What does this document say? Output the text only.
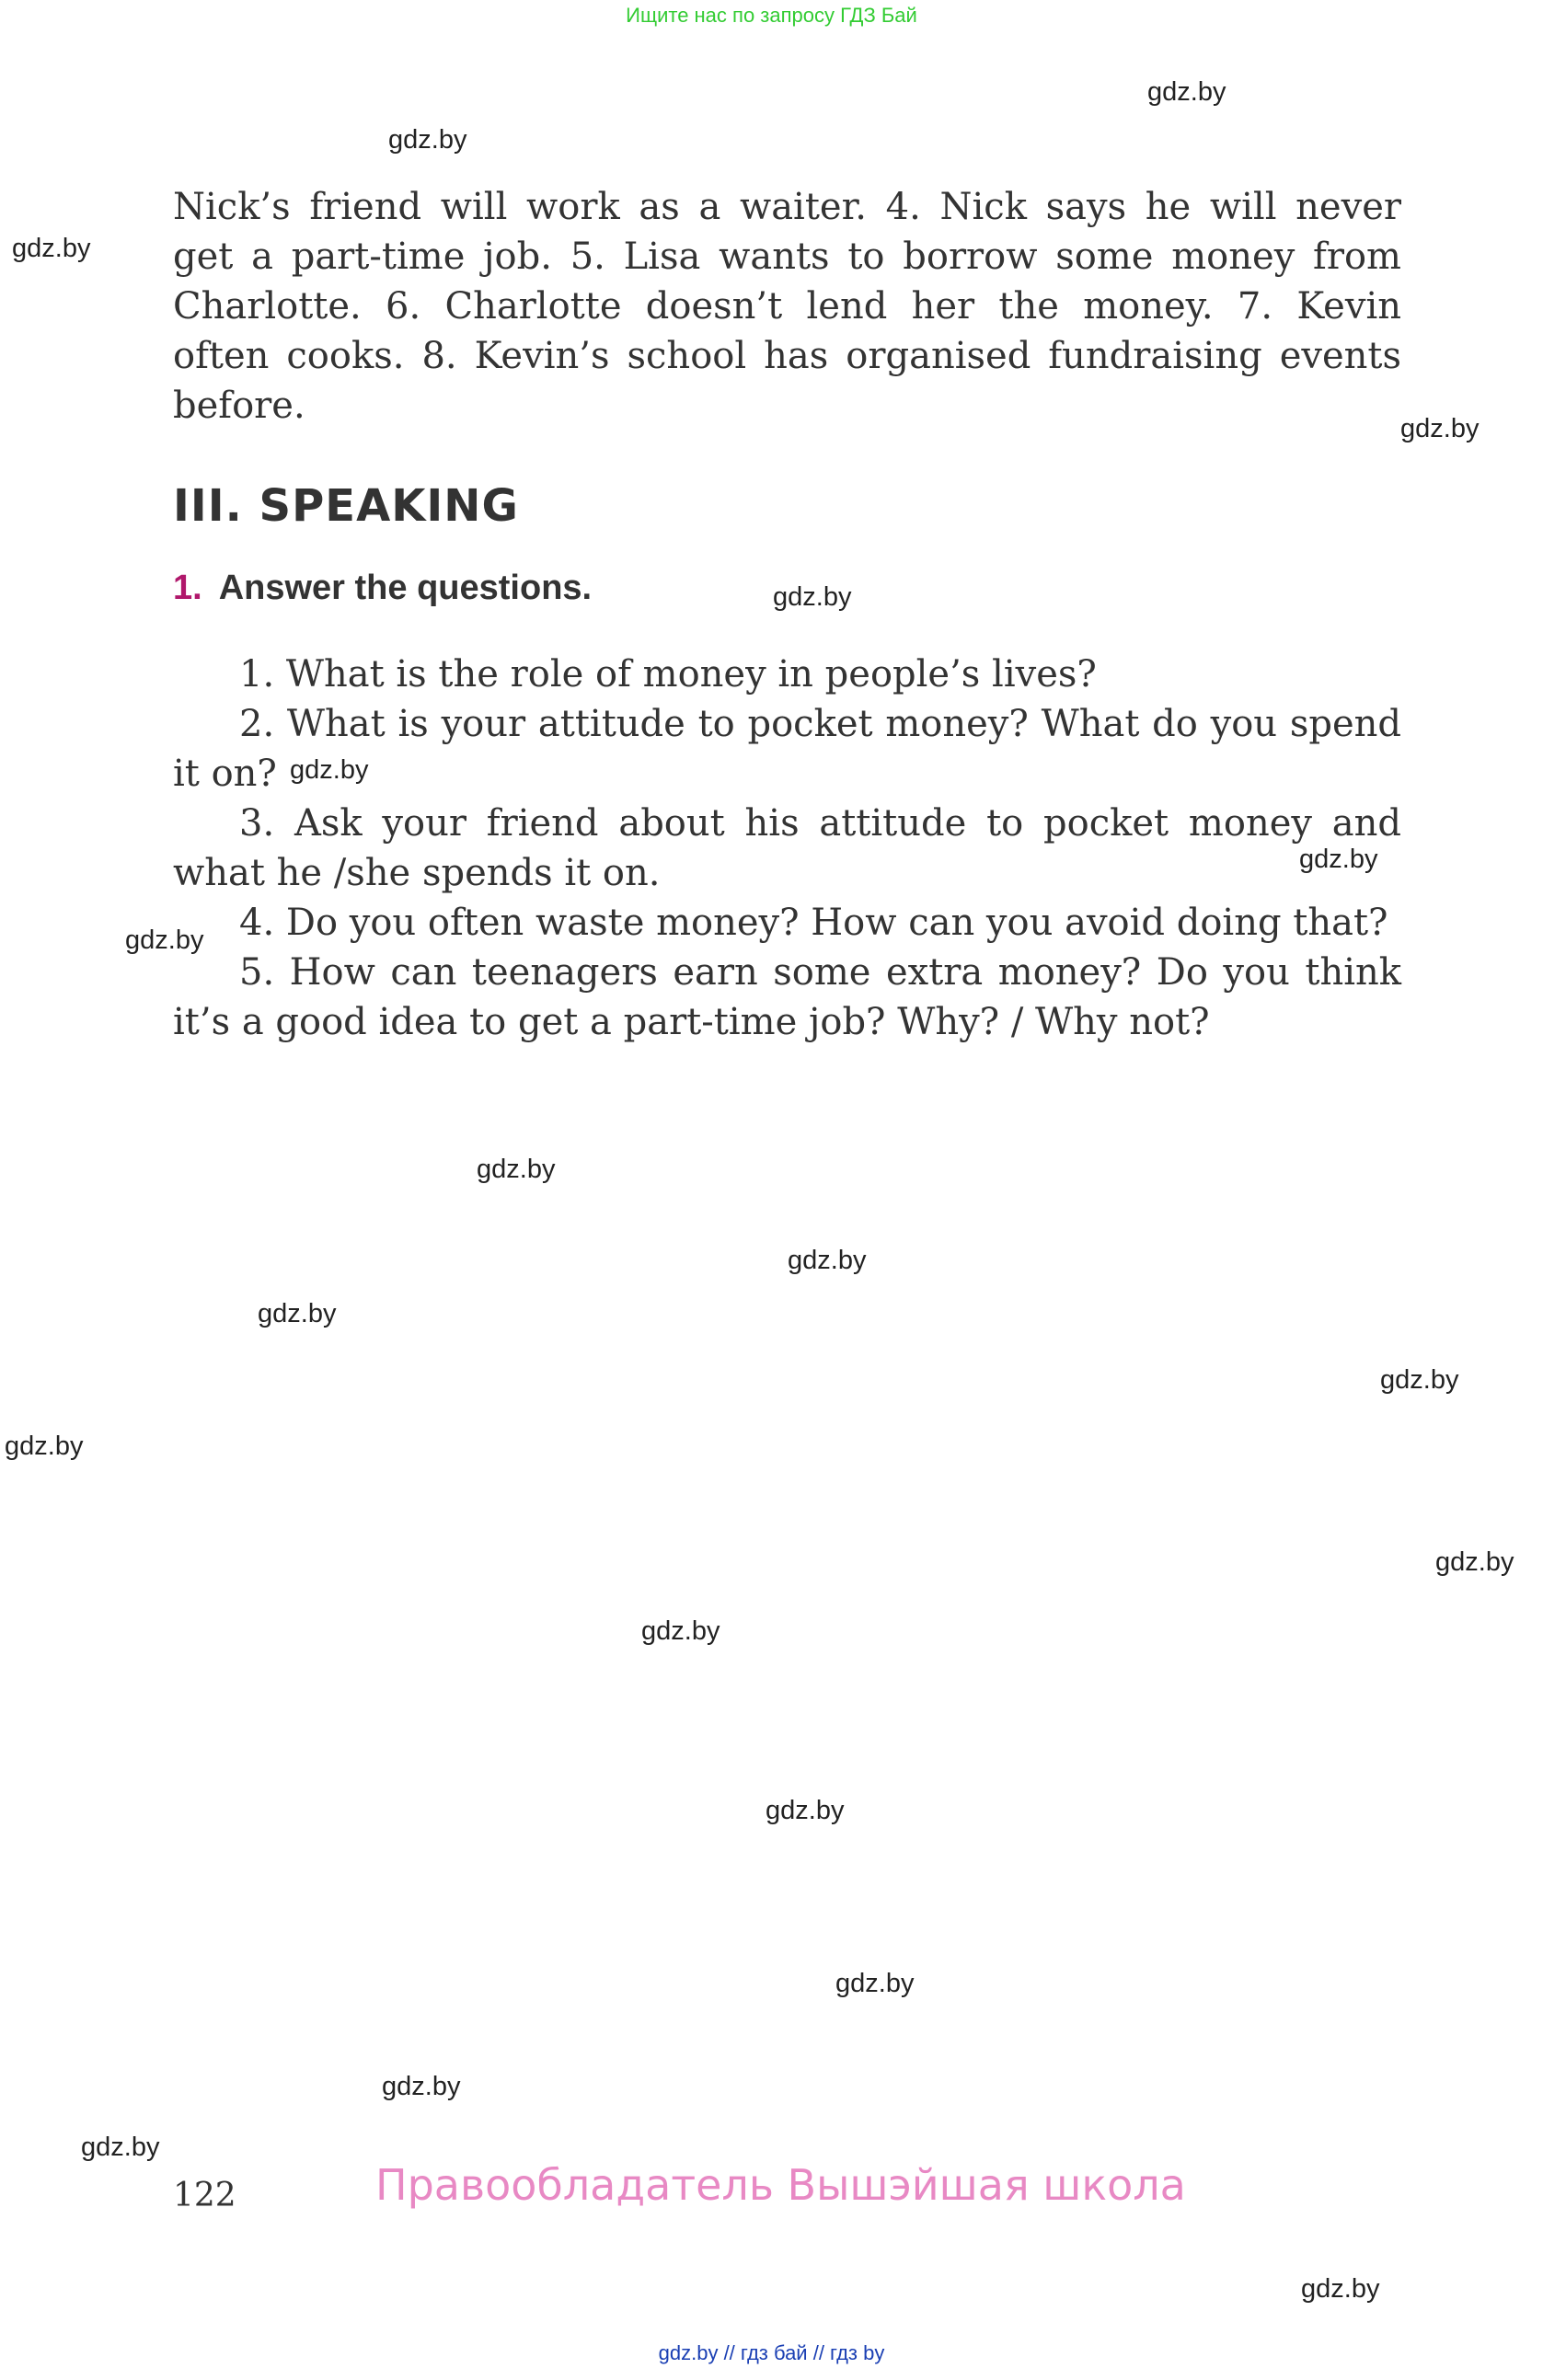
Ищите нас по запросу ГДЗ Бай
gdz.by
gdz.by
gdz.by
gdz.by
gdz.by
gdz.by
gdz.by
gdz.by
gdz.by
gdz.by
gdz.by
gdz.by
gdz.by
gdz.by
gdz.by
gdz.by
gdz.by
gdz.by
gdz.by
gdz.by
Nick’s friend will work as a waiter. 4. Nick says he will never
get a part-time job. 5. Lisa wants to borrow some money from
Charlotte. 6. Charlotte doesn’t lend her the money. 7. Kevin
often cooks. 8. Kevin’s school has organised fundraising events
before.
III. SPEAKING
1. Answer the questions.
1. What is the role of money in people’s lives?
2. What is your attitude to pocket money? What do you spend
it on?
3. Ask your friend about his attitude to pocket money and
what he /she spends it on.
4. Do you often waste money? How can you avoid doing that?
5. How can teenagers earn some extra money? Do you think
it’s a good idea to get a part-time job? Why? / Why not?
122	Правообладатель Вышэйшая школа
gdz.by // гдз бай // гдз by
